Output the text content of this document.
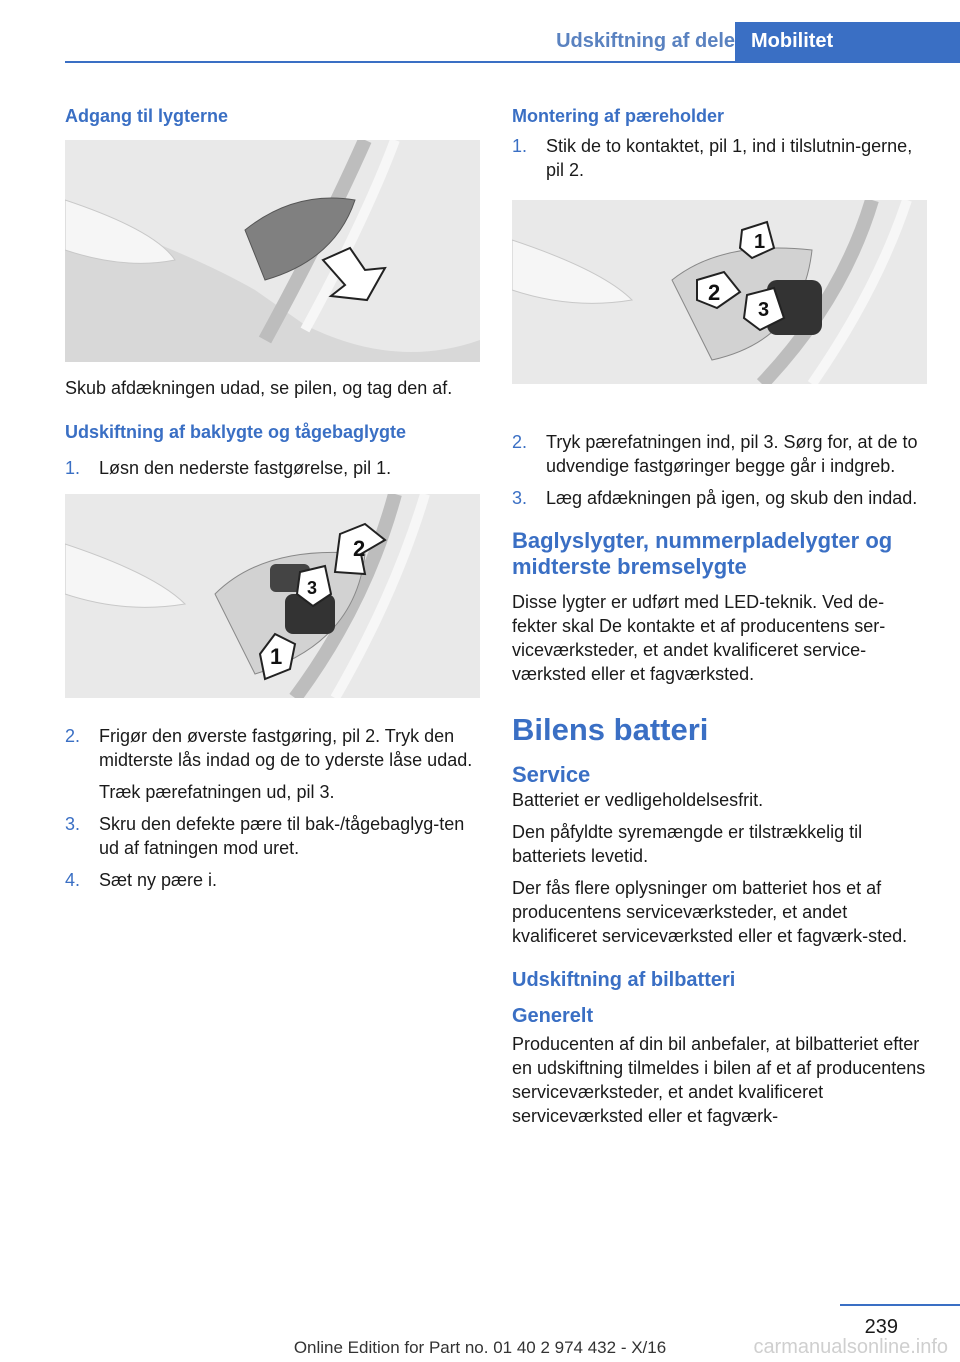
Udskiftning af dele Mobilitet
Adgang til lygterne

Skub afdækningen udad, se pilen, og tag den af.

Udskiftning af baklygte og tågebaglygte
1.	Løsn den nederste fastgørelse, pil 1.
2
3
1
2.	Frigør den øverste fastgøring, pil 2. Tryk den midterste lås indad og de to yderste låse udad.

Træk pærefatningen ud, pil 3.

3.	Skru den defekte pære til bak-/tågebaglyg-ten ud af fatningen mod uret.
4.	Sæt ny pære i.
Montering af pæreholder
1.	Stik de to kontaktet, pil 1, ind i tilslutnin-gerne, pil 2.
1
2
3
2.	Tryk pærefatningen ind, pil 3. Sørg for, at de to udvendige fastgøringer begge går i indgreb.
3.	Læg afdækningen på igen, og skub den indad.
Baglyslygter, nummerpladelygter og midterste bremselygte

Disse lygter er udført med LED-teknik. Ved de-fekter skal De kontakte et af producentens ser-viceværksteder, et andet kvalificeret service-værksted eller et fagværksted.

Bilens batteri
Service

Batteriet er vedligeholdelsesfrit.

Den påfyldte syremængde er tilstrækkelig til batteriets levetid.

Der fås flere oplysninger om batteriet hos et af producentens serviceværksteder, et andet kvalificeret serviceværksted eller et fagværk-sted.

Udskiftning af bilbatteri
Generelt

Producenten af din bil anbefaler, at bilbatteriet efter en udskiftning tilmeldes i bilen af et af producentens serviceværksteder, et andet kvalificeret serviceværksted eller et fagværk-

239
Online Edition for Part no. 01 40 2 974 432 - X/16	carmanualsonline.info
